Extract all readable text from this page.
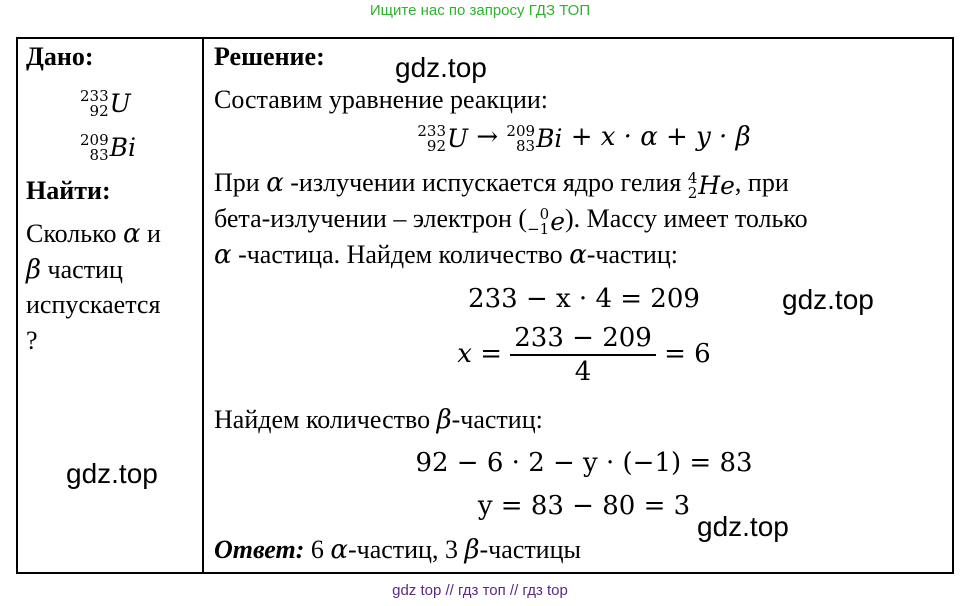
Ищите нас по запросу ГДЗ ТОП
Дано:
233
92 U
209
83 Bi
Найти:
Сколько α и
β частиц
испускается
?
Решение:
Составим уравнение реакции:
233
92 U → 209
83 Bi + x · α + y · β
При α -излучении испускается ядро гелия 4
2 He, при
бета-излучении – электрон ( 0
−1 e). Массу имеет только
α -частица. Найдем количество α-частиц:
233 − x · 4 = 209
$x = \frac{233 - 209}{4} = 6$
Найдем количество β-частиц:
92 − 6 · 2 − y · (−1) = 83
y = 83 − 80 = 3
Ответ: 6 α-частиц, 3 β-частицы
gdz.top
gdz.top
gdz.top
gdz.top
gdz top // гдз топ // гдз top
